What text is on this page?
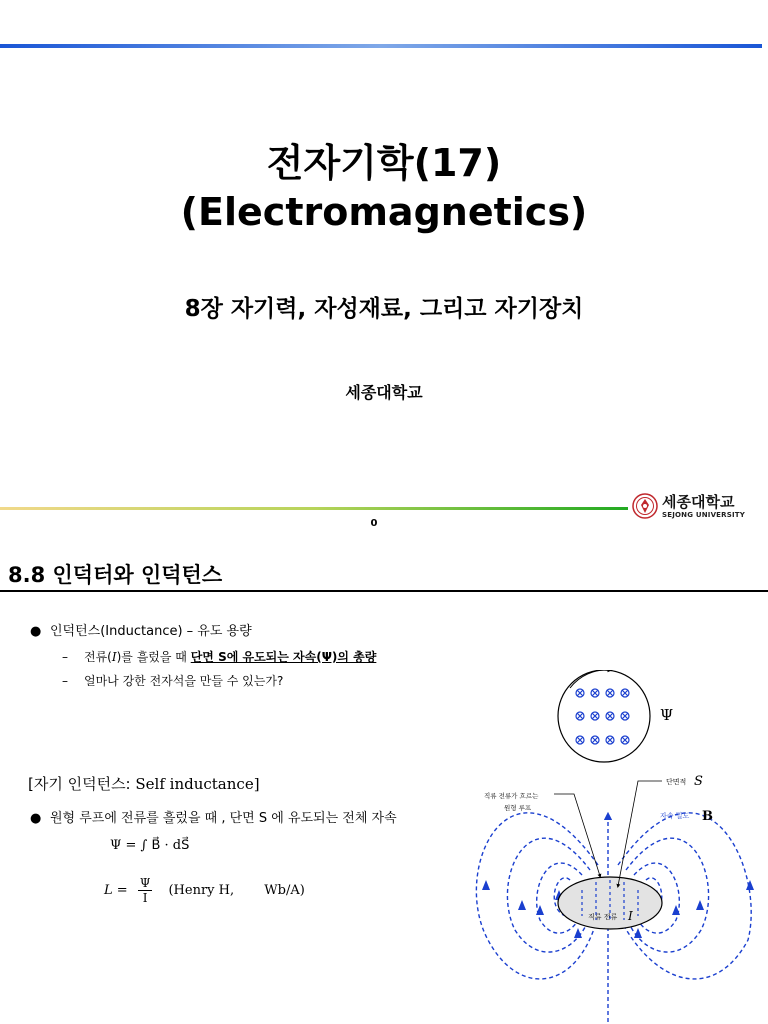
전자기학(17)
(Electromagnetics)
8장 자기력, 자성재료, 그리고 자기장치
세종대학교
세종대학교
SEJONG UNIVERSITY
0
8.8 인덕터와 인덕턴스
● 인덕턴스(Inductance) – 유도 용량
– 전류(I)를 흘렀을 때 단면 S에 유도되는 자속(Ψ)의 총량
– 얼마나 강한 전자석을 만들 수 있는가?
[자기 인덕턴스: Self inductance]
● 원형 루프에 전류를 흘렀을 때 , 단면 S 에 유도되는 전체 자속
Ψ = ∫ B⃗ · dS⃗
$L = \frac{\Psi}{I}$ (Henry H, Wb/A)
Ψ
직류 전류 I
직류 전류가 흐르는
원형 루프
단면적 S
자속 밀도 B
